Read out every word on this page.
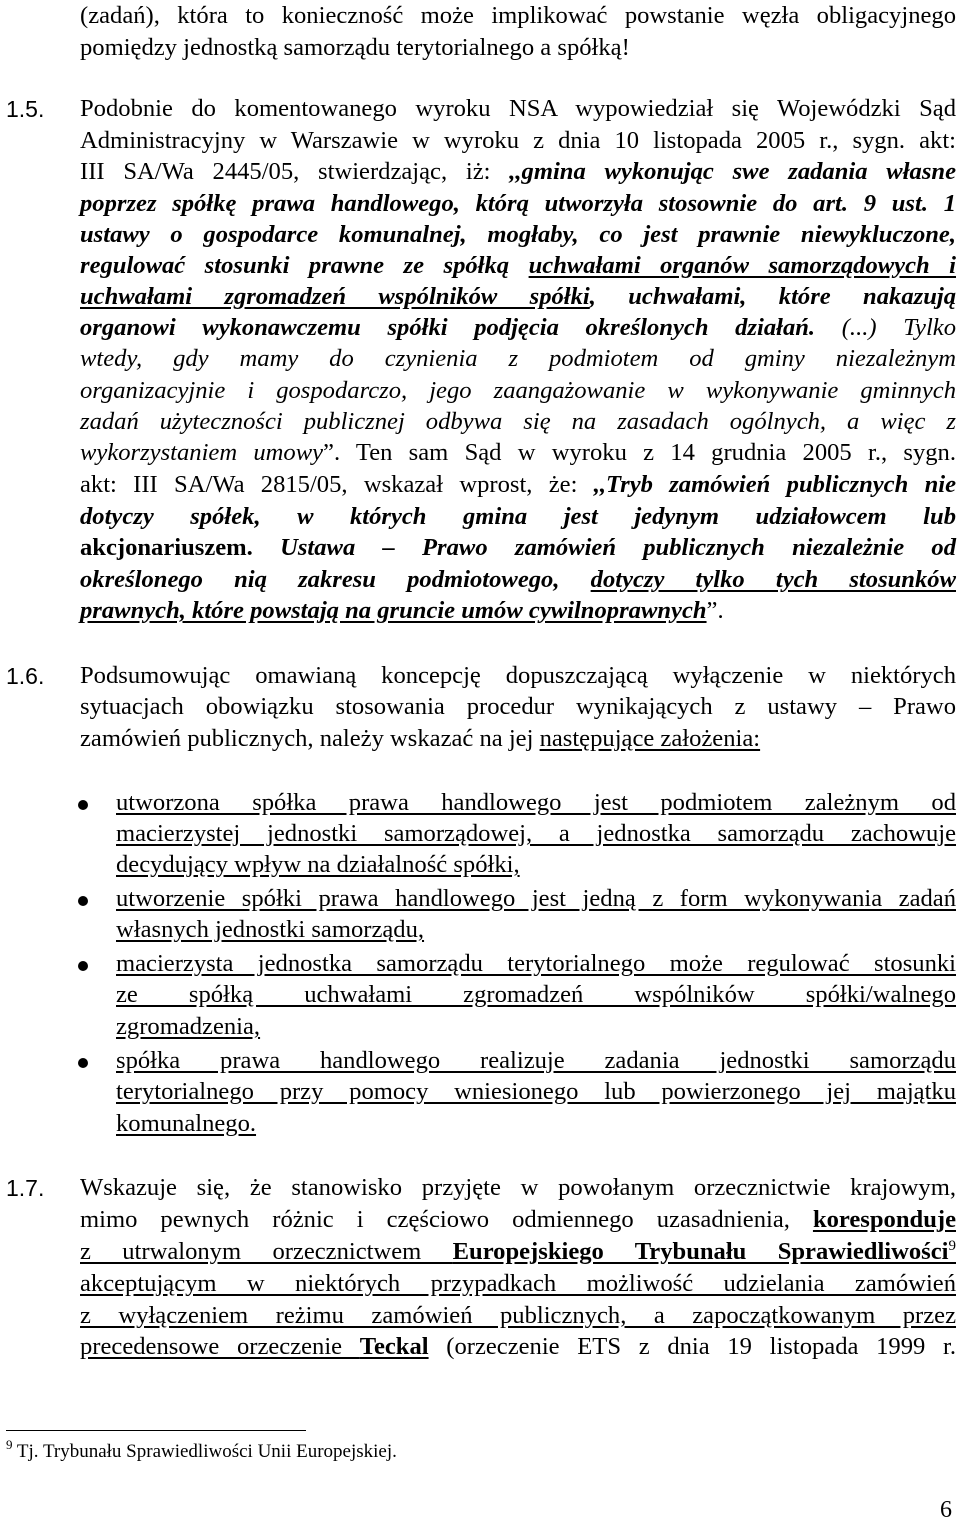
(zadań), która to konieczność może implikować powstanie węzła obligacyjnego
pomiędzy jednostką samorządu terytorialnego a spółką!
1.5. Podobnie do komentowanego wyroku NSA wypowiedział się Wojewódzki Sąd
Administracyjny w Warszawie w wyroku z dnia 10 listopada 2005 r., sygn. akt:
III SA/Wa 2445/05, stwierdzając, iż: ,,gmina wykonując swe zadania własne
poprzez spółkę prawa handlowego, którą utworzyła stosownie do art. 9 ust. 1
ustawy o gospodarce komunalnej, mogłaby, co jest prawnie niewykluczone,
regulować stosunki prawne ze spółką uchwałami organów samorządowych i
uchwałami zgromadzeń wspólników spółki, uchwałami, które nakazują
organowi wykonawczemu spółki podjęcia określonych działań. (...) Tylko
wtedy, gdy mamy do czynienia z podmiotem od gminy niezależnym
organizacyjnie i gospodarczo, jego zaangażowanie w wykonywanie gminnych
zadań użyteczności publicznej odbywa się na zasadach ogólnych, a więc z
wykorzystaniem umowy”. Ten sam Sąd w wyroku z 14 grudnia 2005 r., sygn.
akt: III SA/Wa 2815/05, wskazał wprost, że: ,,Tryb zamówień publicznych nie
dotyczy spółek, w których gmina jest jedynym udziałowcem lub
akcjonariuszem. Ustawa – Prawo zamówień publicznych niezależnie od
określonego nią zakresu podmiotowego, dotyczy tylko tych stosunków
prawnych, które powstają na gruncie umów cywilnoprawnych”.
1.6. Podsumowując omawianą koncepcję dopuszczającą wyłączenie w niektórych
sytuacjach obowiązku stosowania procedur wynikających z ustawy – Prawo
zamówień publicznych, należy wskazać na jej następujące założenia:
utworzona spółka prawa handlowego jest podmiotem zależnym od
macierzystej jednostki samorządowej, a jednostka samorządu zachowuje
decydujący wpływ na działalność spółki,
utworzenie spółki prawa handlowego jest jedną z form wykonywania zadań
własnych jednostki samorządu,
macierzysta jednostka samorządu terytorialnego może regulować stosunki
ze spółką uchwałami zgromadzeń wspólników spółki/walnego
zgromadzenia,
spółka prawa handlowego realizuje zadania jednostki samorządu
terytorialnego przy pomocy wniesionego lub powierzonego jej majątku
komunalnego.
1.7. Wskazuje się, że stanowisko przyjęte w powołanym orzecznictwie krajowym,
mimo pewnych różnic i częściowo odmiennego uzasadnienia, koresponduje
z utrwalonym orzecznictwem Europejskiego Trybunału Sprawiedliwości$^9$
akceptującym w niektórych przypadkach możliwość udzielania zamówień
z wyłączeniem reżimu zamówień publicznych, a zapoczątkowanym przez
precedensowe orzeczenie Teckal (orzeczenie ETS z dnia 19 listopada 1999 r.
$^9$ Tj. Trybunału Sprawiedliwości Unii Europejskiej.
6
